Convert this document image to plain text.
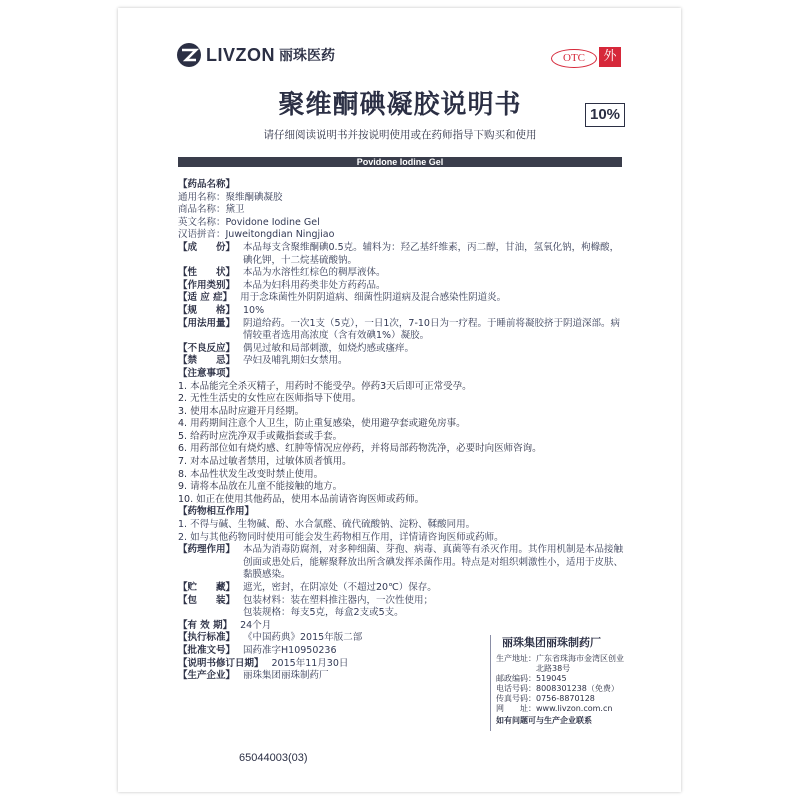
LIVZON 丽珠医药	OTC	外
聚维酮碘凝胶说明书	10%
请仔细阅读说明书并按说明使用或在药师指导下购买和使用
Povidone Iodine Gel
【药品名称】
通用名称：聚维酮碘凝胶
商品名称：黛卫
英文名称：Povidone Iodine Gel
汉语拼音：Juweitongdian Ningjiao
【成　　份】 本品每支含聚维酮碘0.5克。辅料为：羟乙基纤维素，丙二醇，甘油，氢氧化钠，枸橼酸，碘化钾，十二烷基硫酸钠。
【性　　状】 本品为水溶性红棕色的稠厚液体。
【作用类别】 本品为妇科用药类非处方药药品。
【适 应 症】 用于念珠菌性外阴阴道病、细菌性阴道病及混合感染性阴道炎。
【规　　格】 10%
【用法用量】 阴道给药。一次1支（5克），一日1次，7-10日为一疗程。于睡前将凝胶挤于阴道深部。病情较重者选用高浓度（含有效碘1%）凝胶。
【不良反应】 偶见过敏和局部刺激，如烧灼感或瘙痒。
【禁　　忌】 孕妇及哺乳期妇女禁用。
【注意事项】
1. 本品能完全杀灭精子，用药时不能受孕。停药3天后即可正常受孕。
2. 无性生活史的女性应在医师指导下使用。
3. 使用本品时应避开月经期。
4. 用药期间注意个人卫生，防止重复感染，使用避孕套或避免房事。
5. 给药时应洗净双手或戴指套或手套。
6. 用药部位如有烧灼感、红肿等情况应停药，并将局部药物洗净，必要时向医师咨询。
7. 对本品过敏者禁用，过敏体质者慎用。
8. 本品性状发生改变时禁止使用。
9. 请将本品放在儿童不能接触的地方。
10. 如正在使用其他药品，使用本品前请咨询医师或药师。
【药物相互作用】
1. 不得与碱、生物碱、酚、水合氯醛、硫代硫酸钠、淀粉、鞣酸同用。
2. 如与其他药物同时使用可能会发生药物相互作用，详情请咨询医师或药师。
【药理作用】 本品为消毒防腐剂，对多种细菌、芽孢、病毒、真菌等有杀灭作用。其作用机制是本品接触创面或患处后，能解聚释放出所含碘发挥杀菌作用。特点是对组织刺激性小，适用于皮肤、黏膜感染。
【贮　　藏】 遮光，密封，在阴凉处（不超过20℃）保存。
【包　　装】 包装材料：装在塑料推注器内，一次性使用；
包装规格：每支5克，每盒2支或5支。
【有 效 期】 24个月
【执行标准】 《中国药典》2015年版二部
【批准文号】 国药准字H10950236
【说明书修订日期】 2015年11月30日
【生产企业】 丽珠集团丽珠制药厂
丽珠集团丽珠制药厂
生产地址： 广东省珠海市金湾区创业北路38号
邮政编码： 519045
电话号码： 8008301238（免费）
传真号码： 0756-8870128
网　　址： www.livzon.com.cn
如有问题可与生产企业联系
65044003(03)
